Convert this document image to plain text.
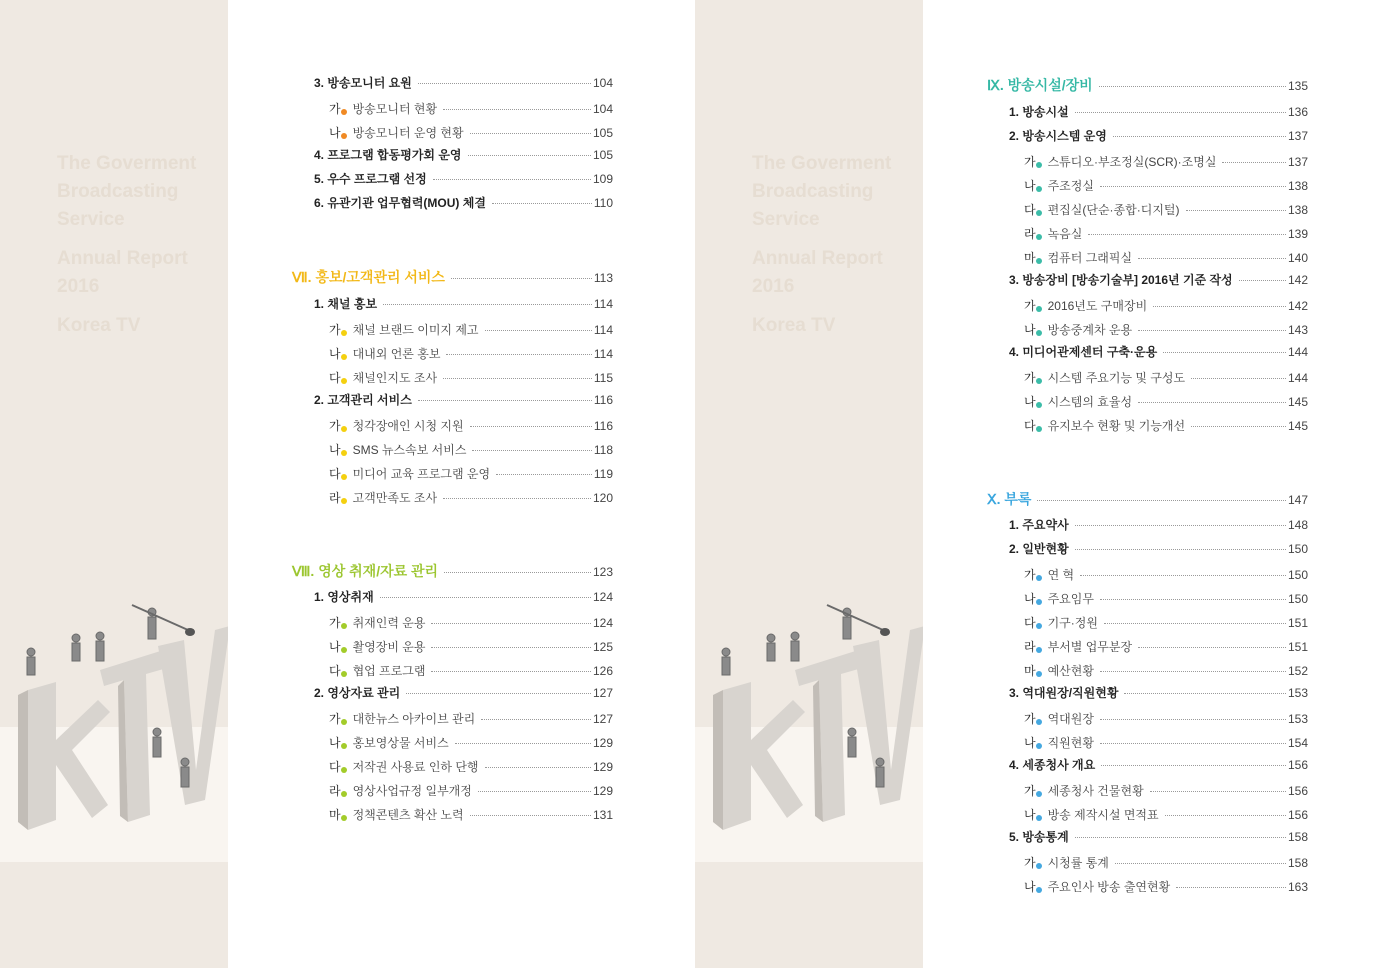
The Goverment
Broadcasting
Service
Annual Report
2016
Korea TV
The Goverment
Broadcasting
Service
Annual Report
2016
Korea TV
3. 방송모니터 요원	104
가 방송모니터 현황	104
나 방송모니터 운영 현황	105
4. 프로그램 합동평가회 운영	105
5. 우수 프로그램 선정	109
6. 유관기관 업무협력(MOU) 체결	110
Ⅶ. 홍보/고객관리 서비스	113
1. 채널 홍보	114
가 채널 브랜드 이미지 제고	114
나 대내외 언론 홍보	114
다 채널인지도 조사	115
2. 고객관리 서비스	116
가 청각장애인 시청 지원	116
나 SMS 뉴스속보 서비스	118
다 미디어 교육 프로그램 운영	119
라 고객만족도 조사	120
Ⅷ. 영상 취재/자료 관리	123
1. 영상취재	124
가 취재인력 운용	124
나 촬영장비 운용	125
다 협업 프로그램	126
2. 영상자료 관리	127
가 대한뉴스 아카이브 관리	127
나 홍보영상물 서비스	129
다 저작권 사용료 인하 단행	129
라 영상사업규정 일부개정	129
마 정책콘텐츠 확산 노력	131
Ⅸ. 방송시설/장비	135
1. 방송시설	136
2. 방송시스템 운영	137
가 스튜디오·부조정실(SCR)·조명실	137
나 주조정실	138
다 편집실(단순·종합·디지털)	138
라 녹음실	139
마 컴퓨터 그래픽실	140
3. 방송장비 [방송기술부] 2016년 기준 작성	142
가 2016년도 구매장비	142
나 방송중계차 운용	143
4. 미디어관제센터 구축·운용	144
가 시스템 주요기능 및 구성도	144
나 시스템의 효율성	145
다 유지보수 현황 및 기능개선	145
Ⅹ. 부록	147
1. 주요약사	148
2. 일반현황	150
가 연 혁	150
나 주요임무	150
다 기구·정원	151
라 부서별 업무분장	151
마 예산현황	152
3. 역대원장/직원현황	153
가 역대원장	153
나 직원현황	154
4. 세종청사 개요	156
가 세종청사 건물현황	156
나 방송 제작시설 면적표	156
5. 방송통계	158
가 시청률 통계	158
나 주요인사 방송 출연현황	163
